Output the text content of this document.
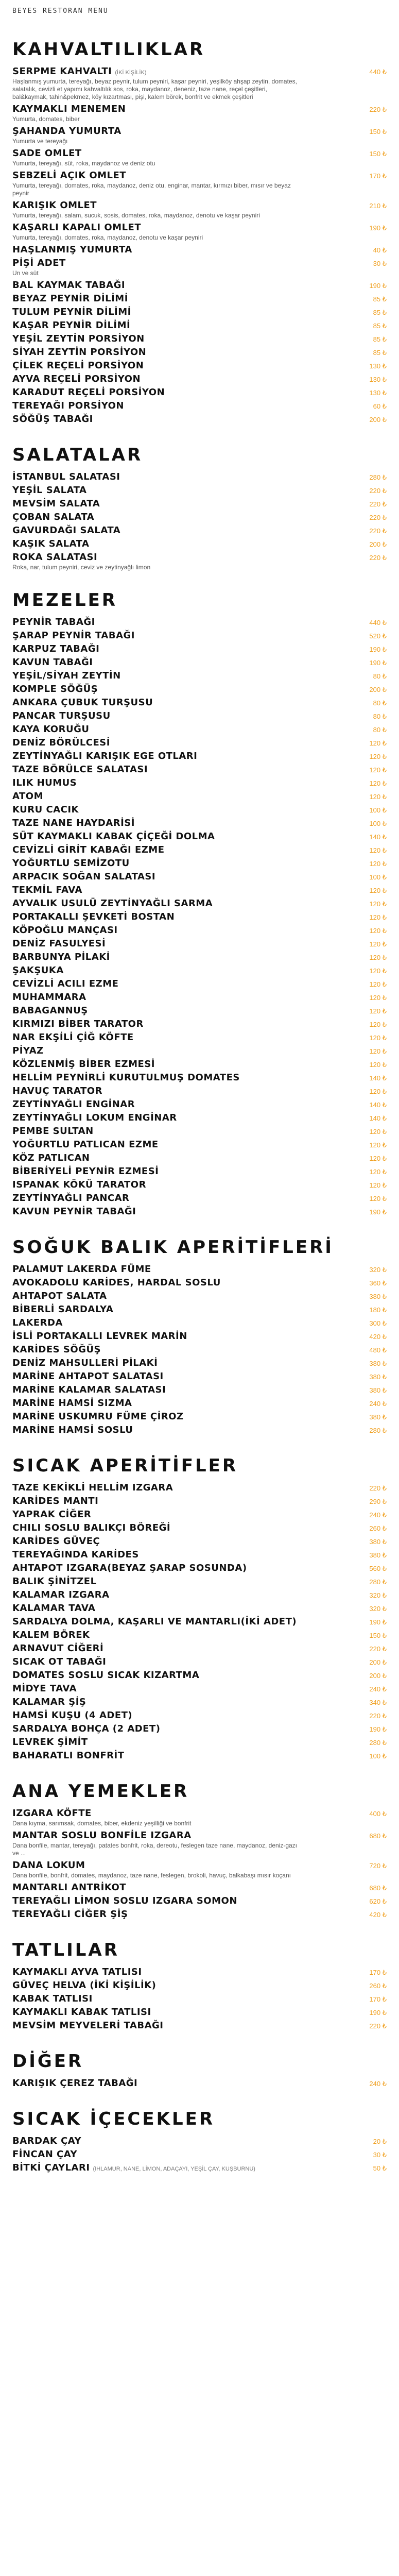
BEYES RESTORAN MENU
KAHVALTILIKLAR
SERPME KAHVALTI (İKİ KİŞİLİK)	440 ₺
Haşlanmış yumurta, tereyağı, beyaz peynir, tulum peyniri, kaşar peyniri, yeşilköy ahşap zeytin, domates, salatalık, cevizli et yapımı kahvaltılık sos, roka, maydanoz, deneniz, taze nane, reçel çeşitleri, bal&kaymak, tahin&pekmez, köy kızartması, pişi, kalem börek, bonfrit ve ekmek çeşitleri
KAYMAKLI MENEMEN	220 ₺
Yumurta, domates, biber
ŞAHANDA YUMURTA	150 ₺
Yumurta ve tereyağı
SADE OMLET	150 ₺
Yumurta, tereyağı, süt, roka, maydanoz ve deniz otu
SEBZELİ AÇIK OMLET	170 ₺
Yumurta, tereyağı, domates, roka, maydanoz, deniz otu, enginar, mantar, kırmızı biber, mısır ve beyaz peynir
KARIŞIK OMLET	210 ₺
Yumurta, tereyağı, salam, sucuk, sosis, domates, roka, maydanoz, denotu ve kaşar peyniri
KAŞARLI KAPALI OMLET	190 ₺
Yumurta, tereyağı, domates, roka, maydanoz, denotu ve kaşar peyniri
HAŞLANMIŞ YUMURTA	40 ₺
PİŞİ ADET	30 ₺
Un ve süt
BAL KAYMAK TABAĞI	190 ₺
BEYAZ PEYNİR DİLİMİ	85 ₺
TULUM PEYNİR DİLİMİ	85 ₺
KAŞAR PEYNİR DİLİMİ	85 ₺
YEŞİL ZEYTİN PORSİYON	85 ₺
SİYAH ZEYTİN PORSİYON	85 ₺
ÇİLEK REÇELİ PORSİYON	130 ₺
AYVA REÇELİ PORSİYON	130 ₺
KARADUT REÇELİ PORSİYON	130 ₺
TEREYAĞI PORSİYON	60 ₺
SÖĞÜŞ TABAĞI	200 ₺
SALATALAR
İSTANBUL SALATASI	280 ₺
YEŞİL SALATA	220 ₺
MEVSİM SALATA	220 ₺
ÇOBAN SALATA	220 ₺
GAVURDAĞI SALATA	220 ₺
KAŞIK SALATA	200 ₺
ROKA SALATASI	220 ₺
Roka, nar, tulum peyniri, ceviz ve zeytinyağlı limon
MEZELER
PEYNİR TABAĞI	440 ₺
ŞARAP PEYNİR TABAĞI	520 ₺
KARPUZ TABAĞI	190 ₺
KAVUN TABAĞI	190 ₺
YEŞİL/SİYAH ZEYTİN	80 ₺
KOMPLE SÖĞÜŞ	200 ₺
ANKARA ÇUBUK TURŞUSU	80 ₺
PANCAR TURŞUSU	80 ₺
KAYA KORUĞU	80 ₺
DENİZ BÖRÜLCESİ	120 ₺
ZEYTİNYAĞLI KARIŞIK EGE OTLARI	120 ₺
TAZE BÖRÜLCE SALATASI	120 ₺
ILIK HUMUS	120 ₺
ATOM	120 ₺
KURU CACIK	100 ₺
TAZE NANE HAYDARİSİ	100 ₺
SÜT KAYMAKLI KABAK ÇİÇEĞİ DOLMA	140 ₺
CEVİZLİ GİRİT KABAĞI EZME	120 ₺
YOĞURTLU SEMİZOTU	120 ₺
ARPACIK SOĞAN SALATASI	100 ₺
TEKMİL FAVA	120 ₺
AYVALIK USULÜ ZEYTİNYAĞLI SARMA	120 ₺
PORTAKALLI ŞEVKETİ BOSTAN	120 ₺
KÖPOĞLU MANÇASI	120 ₺
DENİZ FASULYESİ	120 ₺
BARBUNYA PİLAKİ	120 ₺
ŞAKŞUKA	120 ₺
CEVİZLİ ACILI EZME	120 ₺
MUHAMMARA	120 ₺
BABAGANNUŞ	120 ₺
KIRMIZI BİBER TARATOR	120 ₺
NAR EKŞİLİ ÇİĞ KÖFTE	120 ₺
PİYAZ	120 ₺
KÖZLENMİŞ BİBER EZMESİ	120 ₺
HELLİM PEYNİRLİ KURUTULMUŞ DOMATES	140 ₺
HAVUÇ TARATOR	120 ₺
ZEYTİNYAĞLI ENGİNAR	140 ₺
ZEYTİNYAĞLI LOKUM ENGİNAR	140 ₺
PEMBE SULTAN	120 ₺
YOĞURTLU PATLICAN EZME	120 ₺
KÖZ PATLICAN	120 ₺
BİBERİYELİ PEYNİR EZMESİ	120 ₺
ISPANAK KÖKÜ TARATOR	120 ₺
ZEYTİNYAĞLI PANCAR	120 ₺
KAVUN PEYNİR TABAĞI	190 ₺
SOĞUK BALIK APERİTİFLERİ
PALAMUT LAKERDA FÜME	320 ₺
AVOKADOLU KARİDES, HARDAL SOSLU	360 ₺
AHTAPOT SALATA	380 ₺
BİBERLİ SARDALYA	180 ₺
LAKERDA	300 ₺
İSLİ PORTAKALLI LEVREK MARİN	420 ₺
KARİDES SÖĞÜŞ	480 ₺
DENİZ MAHSULLERİ PİLAKİ	380 ₺
MARİNE AHTAPOT SALATASI	380 ₺
MARİNE KALAMAR SALATASI	380 ₺
MARİNE HAMSİ SIZMA	240 ₺
MARİNE USKUMRU FÜME ÇİROZ	380 ₺
MARİNE HAMSİ SOSLU	280 ₺
SICAK APERİTİFLER
TAZE KEKİKLİ HELLİM IZGARA	220 ₺
KARİDES MANTI	290 ₺
YAPRAK CİĞER	240 ₺
CHILI SOSLU BALIKÇI BÖREĞİ	260 ₺
KARİDES GÜVEÇ	380 ₺
TEREYAĞINDA KARİDES	380 ₺
AHTAPOT IZGARA(BEYAZ ŞARAP SOSUNDA)	560 ₺
BALIK ŞİNİTZEL	280 ₺
KALAMAR IZGARA	320 ₺
KALAMAR TAVA	320 ₺
SARDALYA DOLMA, KAŞARLI VE MANTARLI(İKİ ADET)	190 ₺
KALEM BÖREK	150 ₺
ARNAVUT CİĞERİ	220 ₺
SICAK OT TABAĞI	200 ₺
DOMATES SOSLU SICAK KIZARTMA	200 ₺
MİDYE TAVA	240 ₺
KALAMAR ŞİŞ	340 ₺
HAMSİ KUŞU (4 ADET)	220 ₺
SARDALYA BOHÇA (2 ADET)	190 ₺
LEVREK ŞİMİT	280 ₺
BAHARATLI BONFRİT	100 ₺
ANA YEMEKLER
IZGARA KÖFTE	400 ₺
Dana kıyma, sarımsak, domates, biber, ekdeniz yeşilliği ve bonfrit
MANTAR SOSLU BONFİLE IZGARA	680 ₺
Dana bonfile, mantar, tereyağı, patates bonfrit, roka, dereotu, feslegen taze nane, maydanoz, deniz-gazı ve ...
DANA LOKUM	720 ₺
Dana bonfile, bonfrit, domates, maydanoz, taze nane, feslegen, brokoli, havuç, balkabaşı mısır koçanı
MANTARLI ANTRİKOT	680 ₺
TEREYAĞLI LİMON SOSLU IZGARA SOMON	620 ₺
TEREYAĞLI CİĞER ŞİŞ	420 ₺
TATLILAR
KAYMAKLI AYVA TATLISI	170 ₺
GÜVEÇ HELVA (İKİ KİŞİLİK)	260 ₺
KABAK TATLISI	170 ₺
KAYMAKLI KABAK TATLISI	190 ₺
MEVSİM MEYVELERİ TABAĞI	220 ₺
DİĞER
KARIŞIK ÇEREZ TABAĞI	240 ₺
SICAK İÇECEKLER
BARDAK ÇAY	20 ₺
FİNCAN ÇAY	30 ₺
BİTKİ ÇAYLARI (IHLAMUR, NANE, LİMON, ADAÇAYI, YEŞİL ÇAY, KUŞBURNU)	50 ₺
